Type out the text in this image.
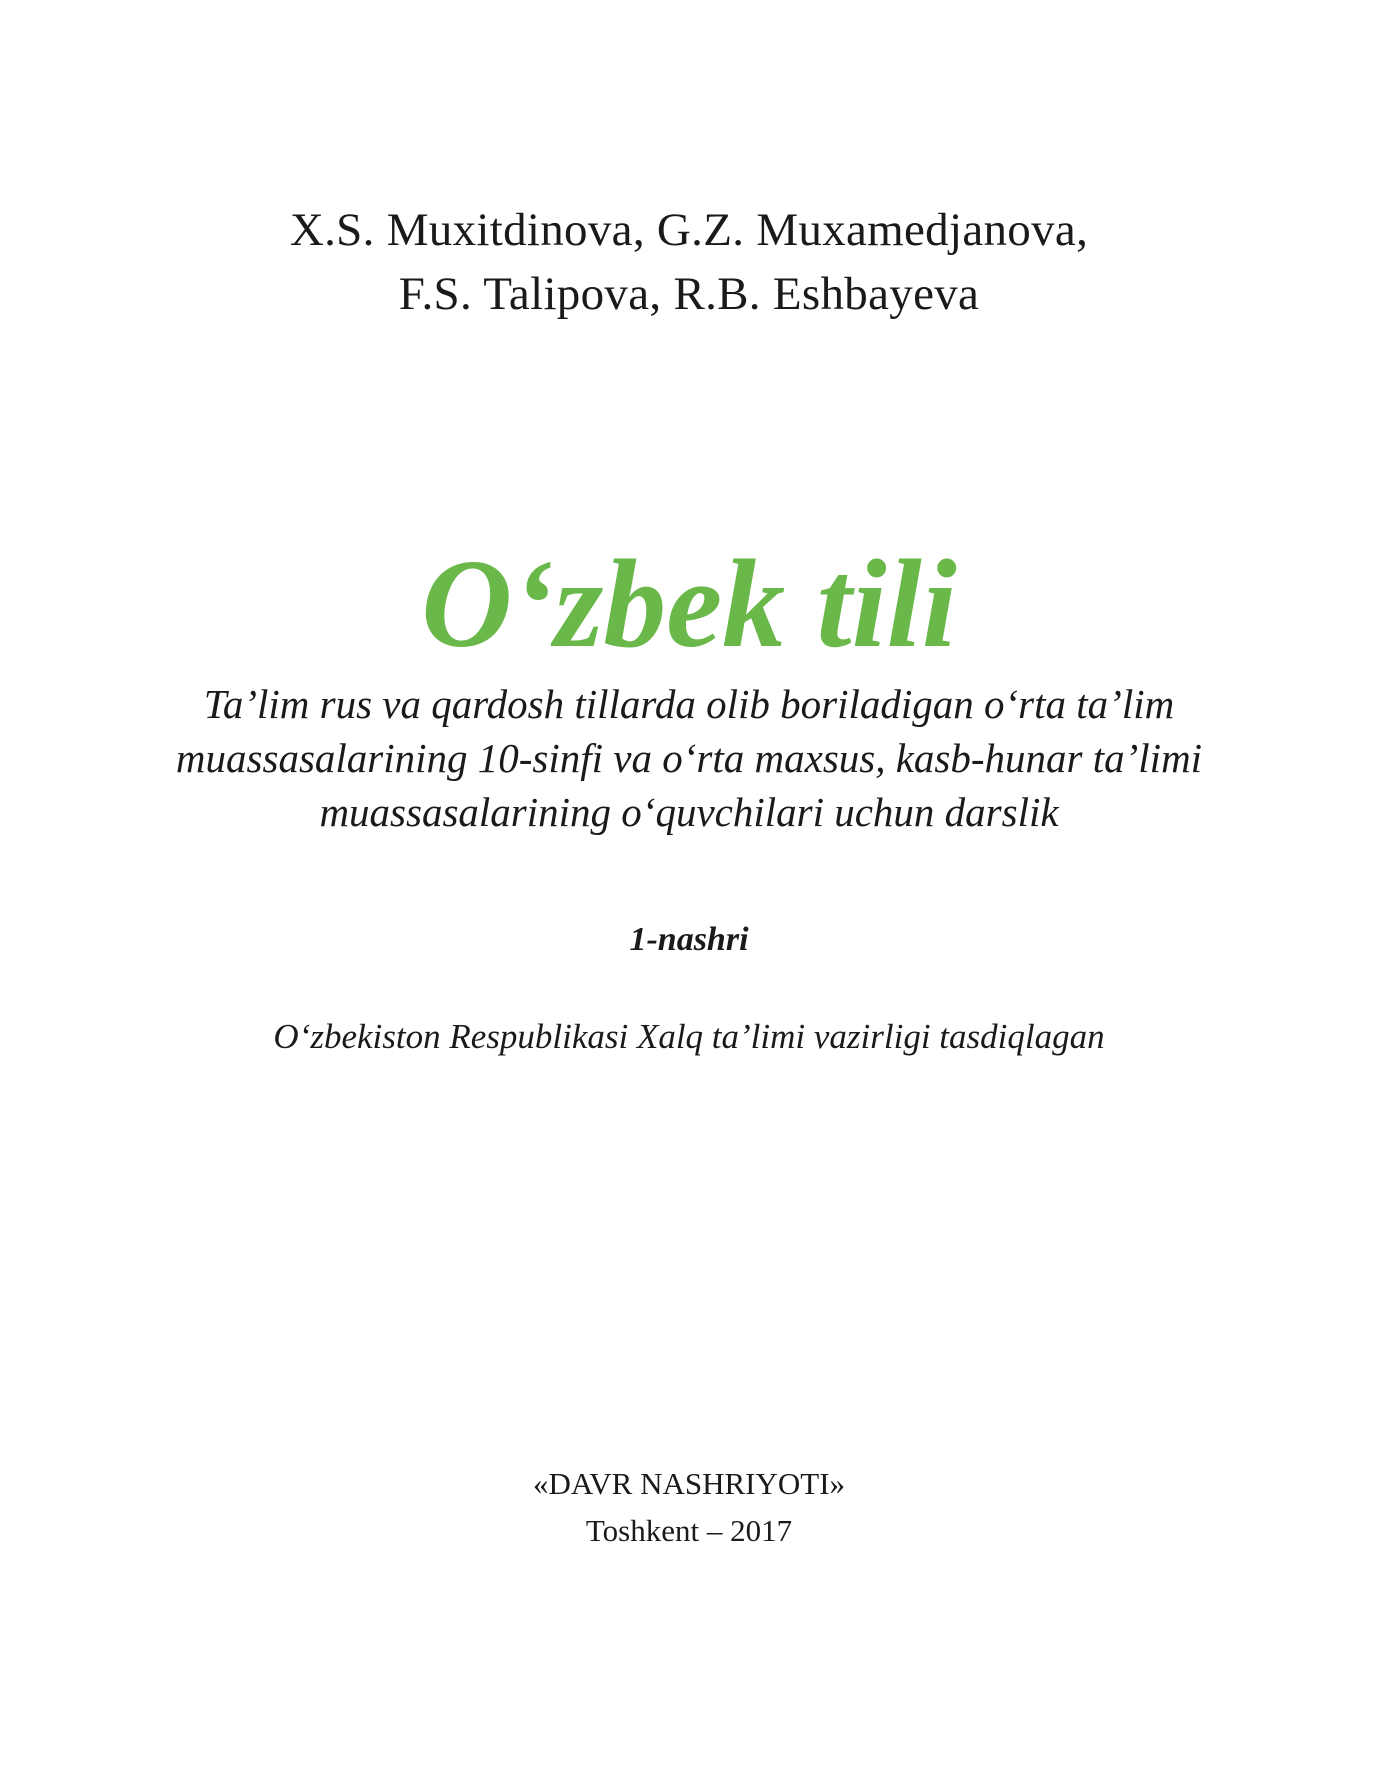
X.S. Muxitdinova, G.Z. Muxamedjanova,
F.S. Talipova, R.B. Eshbayeva
O‘zbek tili
Ta’lim rus va qardosh tillarda olib boriladigan o‘rta ta’lim
muassasalarining 10-sinfi va o‘rta maxsus, kasb-hunar ta’limi
muassasalarining o‘quvchilari uchun darslik
1-nashri
O‘zbekiston Respublikasi Xalq ta’limi vazirligi tasdiqlagan
«DAVR NASHRIYOTI»
Toshkent – 2017
